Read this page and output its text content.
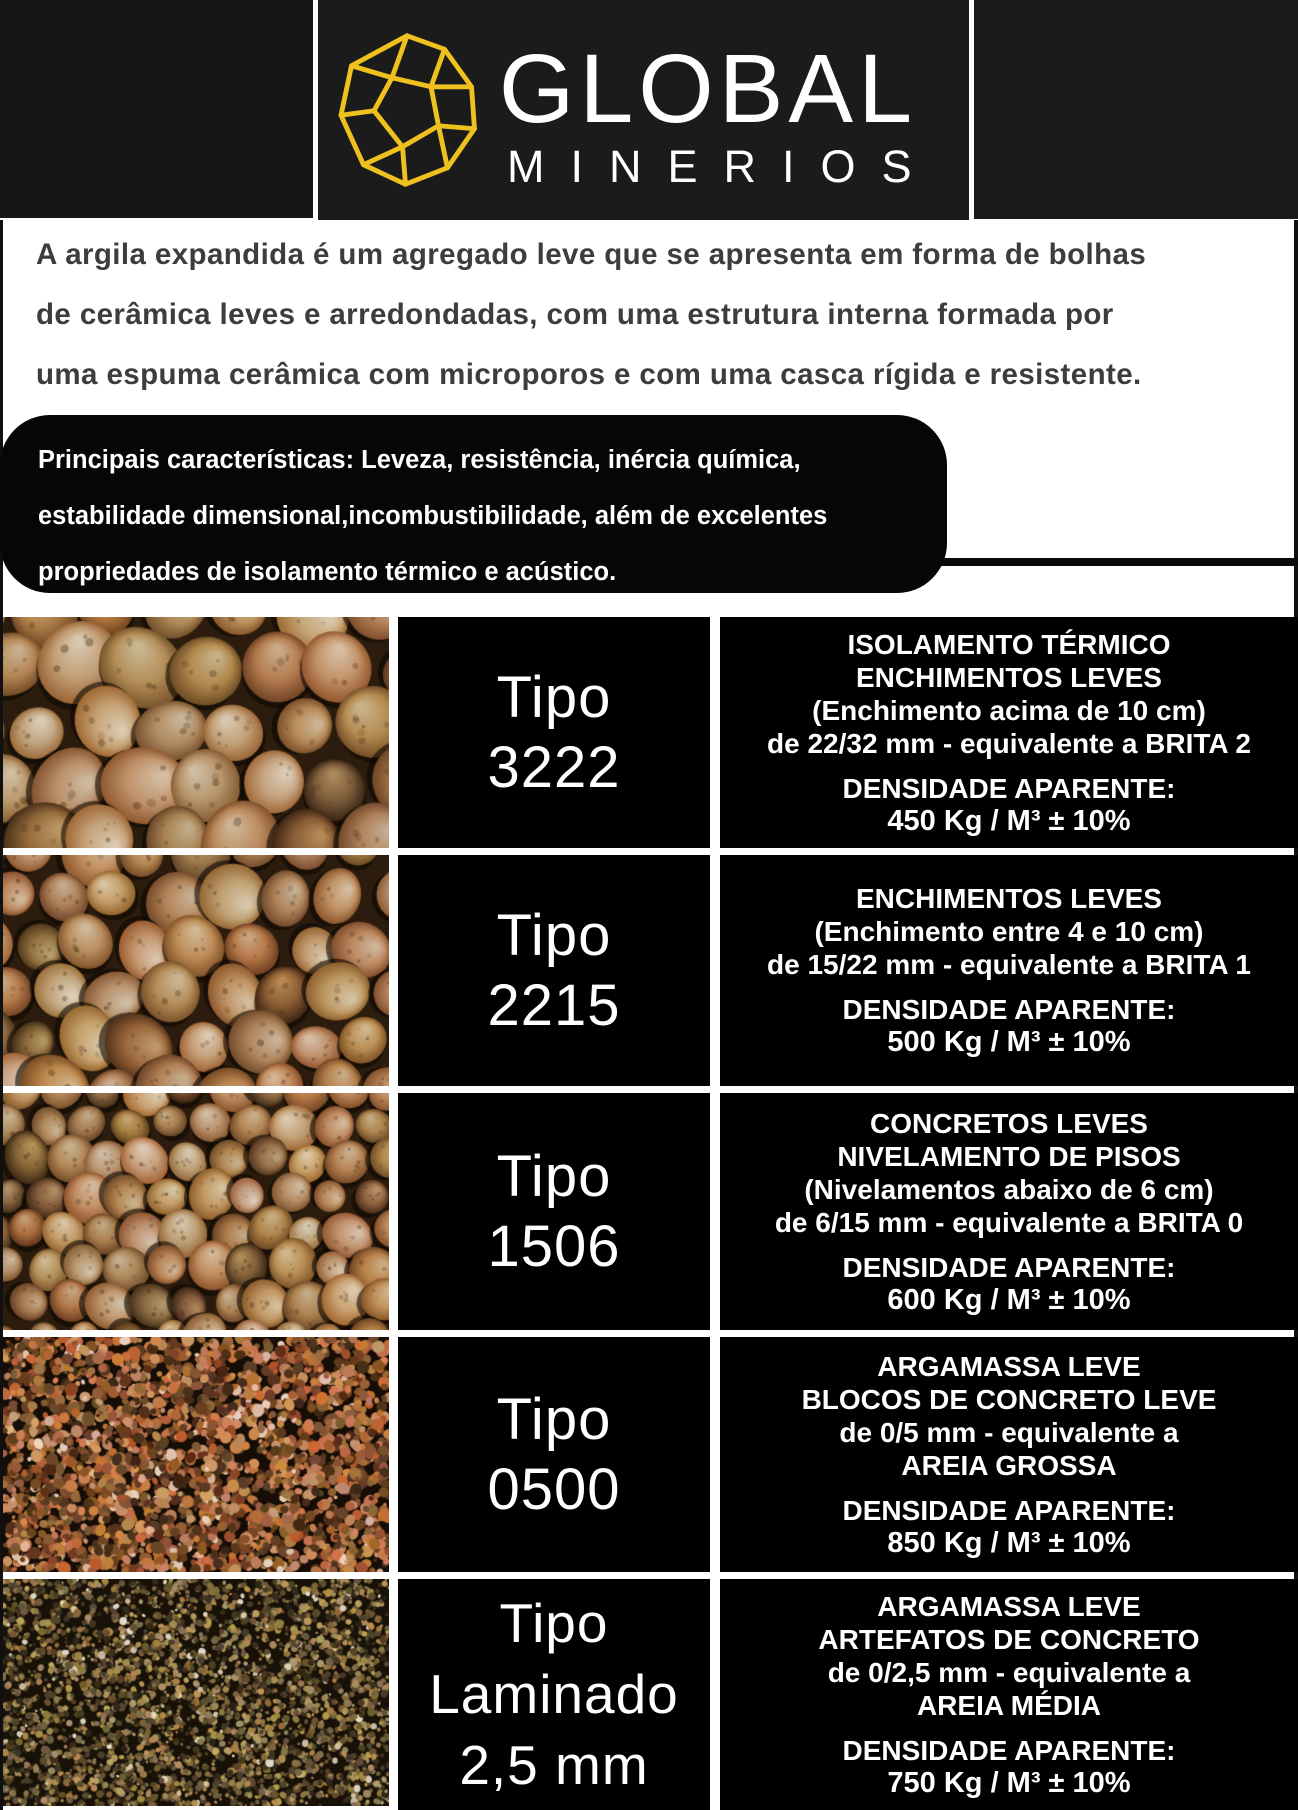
GLOBAL
MINERIOS
A argila expandida é um agregado leve que se apresenta em forma de bolhas
de cerâmica leves e arredondadas, com uma estrutura interna formada por
uma espuma cerâmica com microporos e com uma casca rígida e resistente.
Principais características: Leveza, resistência, inércia química,
estabilidade dimensional,incombustibilidade, além de excelentes
propriedades de isolamento térmico e acústico.
Tipo
3222
ISOLAMENTO TÉRMICO
ENCHIMENTOS LEVES
(Enchimento acima de 10 cm)
de 22/32 mm - equivalente a BRITA 2
DENSIDADE APARENTE:
450 Kg / M³ ± 10%
Tipo
2215
ENCHIMENTOS LEVES
(Enchimento entre 4 e 10 cm)
de 15/22 mm - equivalente a BRITA 1
DENSIDADE APARENTE:
500 Kg / M³ ± 10%
Tipo
1506
CONCRETOS LEVES
NIVELAMENTO DE PISOS
(Nivelamentos abaixo de 6 cm)
de 6/15 mm - equivalente a BRITA 0
DENSIDADE APARENTE:
600 Kg / M³ ± 10%
Tipo
0500
ARGAMASSA LEVE
BLOCOS DE CONCRETO LEVE
de 0/5 mm - equivalente a
AREIA GROSSA
DENSIDADE APARENTE:
850 Kg / M³ ± 10%
Tipo
Laminado
2,5 mm
ARGAMASSA LEVE
ARTEFATOS DE CONCRETO
de 0/2,5 mm - equivalente a
AREIA MÉDIA
DENSIDADE APARENTE:
750 Kg / M³ ± 10%
